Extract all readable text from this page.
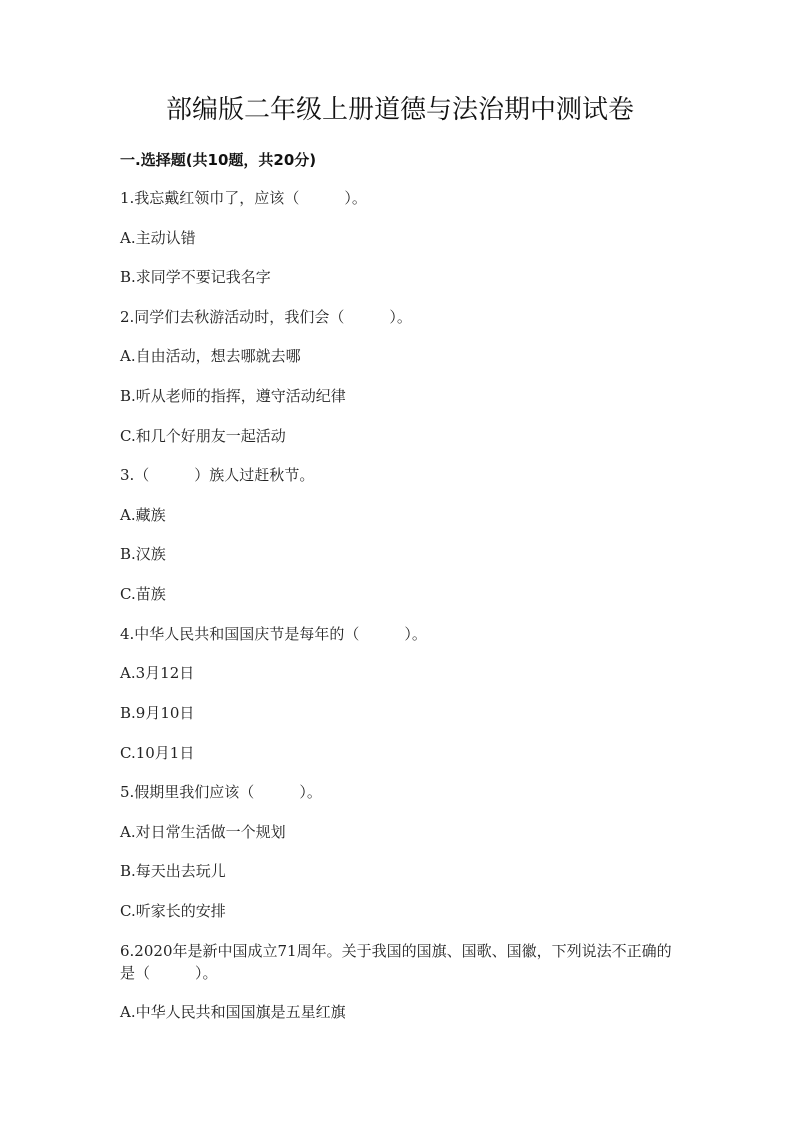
部编版二年级上册道德与法治期中测试卷
一.选择题(共10题，共20分)
1.我忘戴红领巾了，应该（　　　）。
A.主动认错
B.求同学不要记我名字
2.同学们去秋游活动时，我们会（　　　）。
A.自由活动，想去哪就去哪
B.听从老师的指挥，遵守活动纪律
C.和几个好朋友一起活动
3.（　　　）族人过赶秋节。
A.藏族
B.汉族
C.苗族
4.中华人民共和国国庆节是每年的（　　　）。
A.3月12日
B.9月10日
C.10月1日
5.假期里我们应该（　　　）。
A.对日常生活做一个规划
B.每天出去玩儿
C.听家长的安排
6.2020年是新中国成立71周年。关于我国的国旗、国歌、国徽，下列说法不正确的是（　　　）。
A.中华人民共和国国旗是五星红旗
